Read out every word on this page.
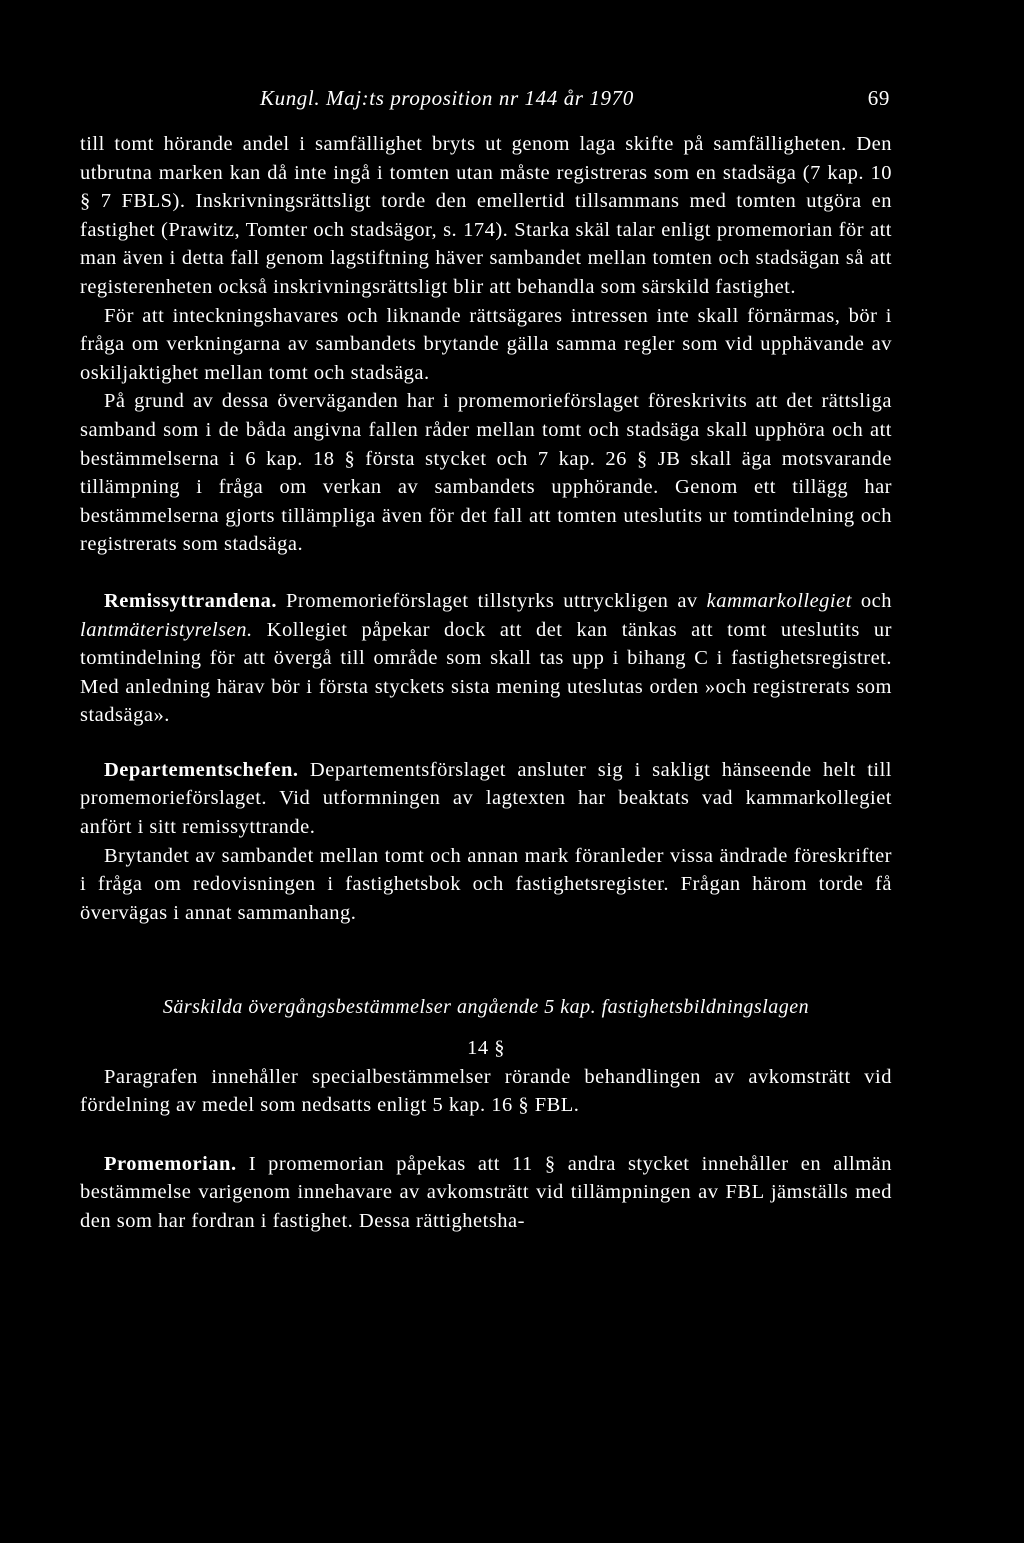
Kungl. Maj:ts proposition nr 144 år 1970	69

till tomt hörande andel i samfällighet bryts ut genom laga skifte på samfälligheten. Den utbrutna marken kan då inte ingå i tomten utan måste registreras som en stadsäga (7 kap. 10 § 7 FBLS). Inskrivningsrättsligt torde den emellertid tillsammans med tomten utgöra en fastighet (Prawitz, Tomter och stadsägor, s. 174). Starka skäl talar enligt promemorian för att man även i detta fall genom lagstiftning häver sambandet mellan tomten och stadsägan så att registerenheten också inskrivningsrättsligt blir att behandla som särskild fastighet.

För att inteckningshavares och liknande rättsägares intressen inte skall förnärmas, bör i fråga om verkningarna av sambandets brytande gälla samma regler som vid upphävande av oskiljaktighet mellan tomt och stadsäga.

På grund av dessa överväganden har i promemorieförslaget föreskrivits att det rättsliga samband som i de båda angivna fallen råder mellan tomt och stadsäga skall upphöra och att bestämmelserna i 6 kap. 18 § första stycket och 7 kap. 26 § JB skall äga motsvarande tillämpning i fråga om verkan av sambandets upphörande. Genom ett tillägg har bestämmelserna gjorts tillämpliga även för det fall att tomten uteslutits ur tomtindelning och registrerats som stadsäga.

Remissyttrandena. Promemorieförslaget tillstyrks uttryckligen av kammarkollegiet och lantmäteristyrelsen. Kollegiet påpekar dock att det kan tänkas att tomt uteslutits ur tomtindelning för att övergå till område som skall tas upp i bihang C i fastighetsregistret. Med anledning härav bör i första styckets sista mening uteslutas orden »och registrerats som stadsäga».

Departementschefen. Departementsförslaget ansluter sig i sakligt hänseende helt till promemorieförslaget. Vid utformningen av lagtexten har beaktats vad kammarkollegiet anfört i sitt remissyttrande.

Brytandet av sambandet mellan tomt och annan mark föranleder vissa ändrade föreskrifter i fråga om redovisningen i fastighetsbok och fastighetsregister. Frågan härom torde få övervägas i annat sammanhang.

Särskilda övergångsbestämmelser angående 5 kap. fastighetsbildningslagen

14 §

Paragrafen innehåller specialbestämmelser rörande behandlingen av avkomsträtt vid fördelning av medel som nedsatts enligt 5 kap. 16 § FBL.

Promemorian. I promemorian påpekas att 11 § andra stycket innehåller en allmän bestämmelse varigenom innehavare av avkomsträtt vid tillämpningen av FBL jämställs med den som har fordran i fastighet. Dessa rättighetsha-
